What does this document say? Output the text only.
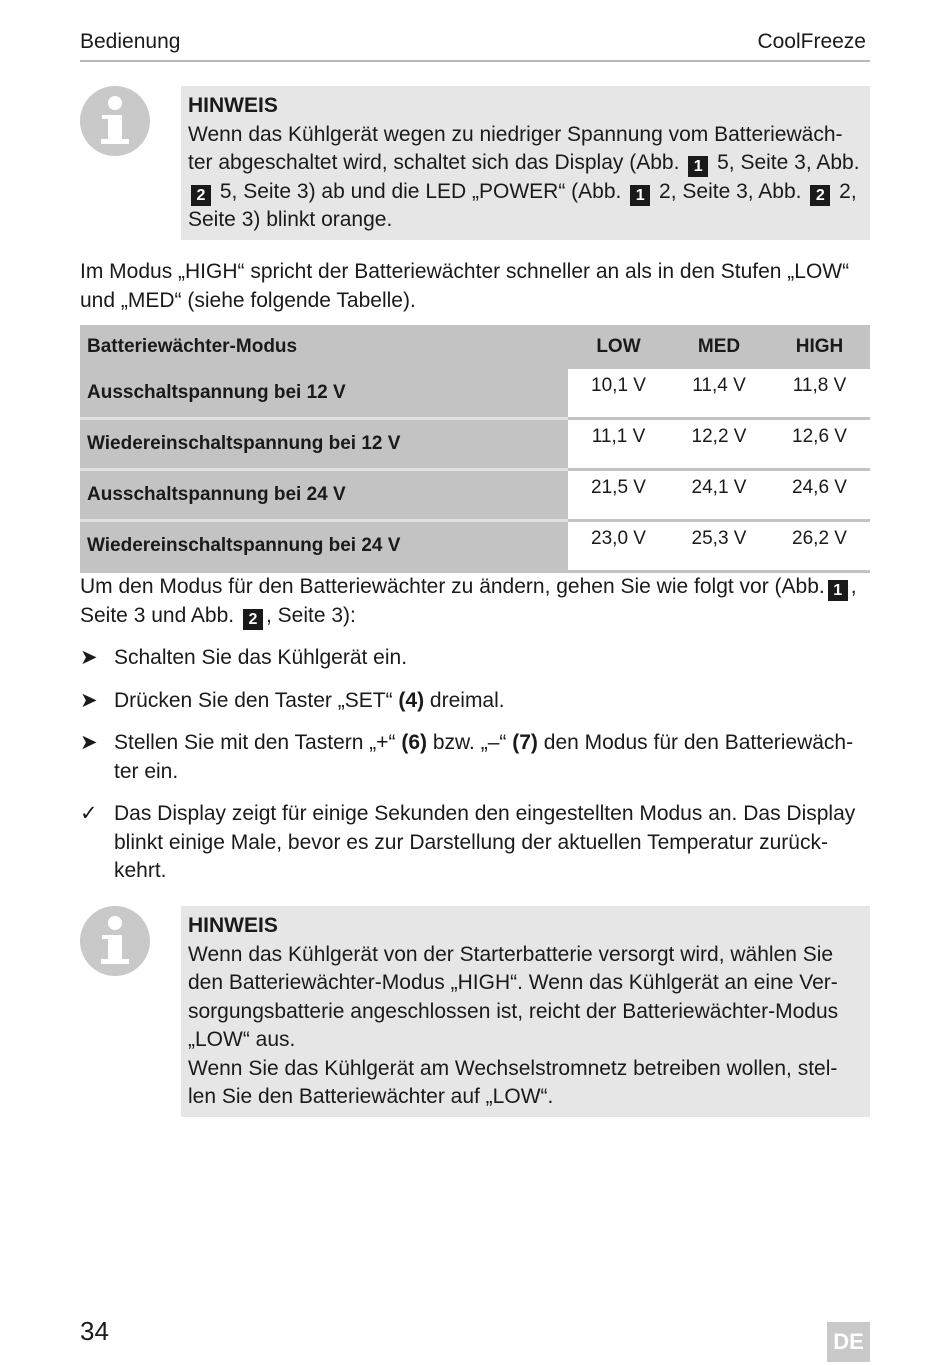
Bedienung	CoolFreeze
HINWEIS

Wenn das Kühlgerät wegen zu niedriger Spannung vom Batteriewäch-ter abgeschaltet wird, schaltet sich das Display (Abb. 1 5, Seite 3, Abb. 2 5, Seite 3) ab und die LED „POWER“ (Abb. 1 2, Seite 3, Abb. 2 2, Seite 3) blinkt orange.

Im Modus „HIGH“ spricht der Batteriewächter schneller an als in den Stufen „LOW“ und „MED“ (siehe folgende Tabelle).

Batteriewächter-Modus	LOW	MED	HIGH
Ausschaltspannung bei 12 V	10,1 V	11,4 V	11,8 V
Wiedereinschaltspannung bei 12 V	11,1 V	12,2 V	12,6 V
Ausschaltspannung bei 24 V	21,5 V	24,1 V	24,6 V
Wiedereinschaltspannung bei 24 V	23,0 V	25,3 V	26,2 V

Um den Modus für den Batteriewächter zu ändern, gehen Sie wie folgt vor (Abb. 1 , Seite 3 und Abb. 2 , Seite 3):

➤ Schalten Sie das Kühlgerät ein.
➤ Drücken Sie den Taster „SET“ (4) dreimal.
➤ Stellen Sie mit den Tastern „+“ (6) bzw. „–“ (7) den Modus für den Batteriewäch-ter ein.
✓ Das Display zeigt für einige Sekunden den eingestellten Modus an. Das Display blinkt einige Male, bevor es zur Darstellung der aktuellen Temperatur zurück-kehrt.
HINWEIS

Wenn das Kühlgerät von der Starterbatterie versorgt wird, wählen Sie den Batteriewächter-Modus „HIGH“. Wenn das Kühlgerät an eine Ver-sorgungsbatterie angeschlossen ist, reicht der Batteriewächter-Modus „LOW“ aus.

Wenn Sie das Kühlgerät am Wechselstromnetz betreiben wollen, stel-len Sie den Batteriewächter auf „LOW“.

34	DE
